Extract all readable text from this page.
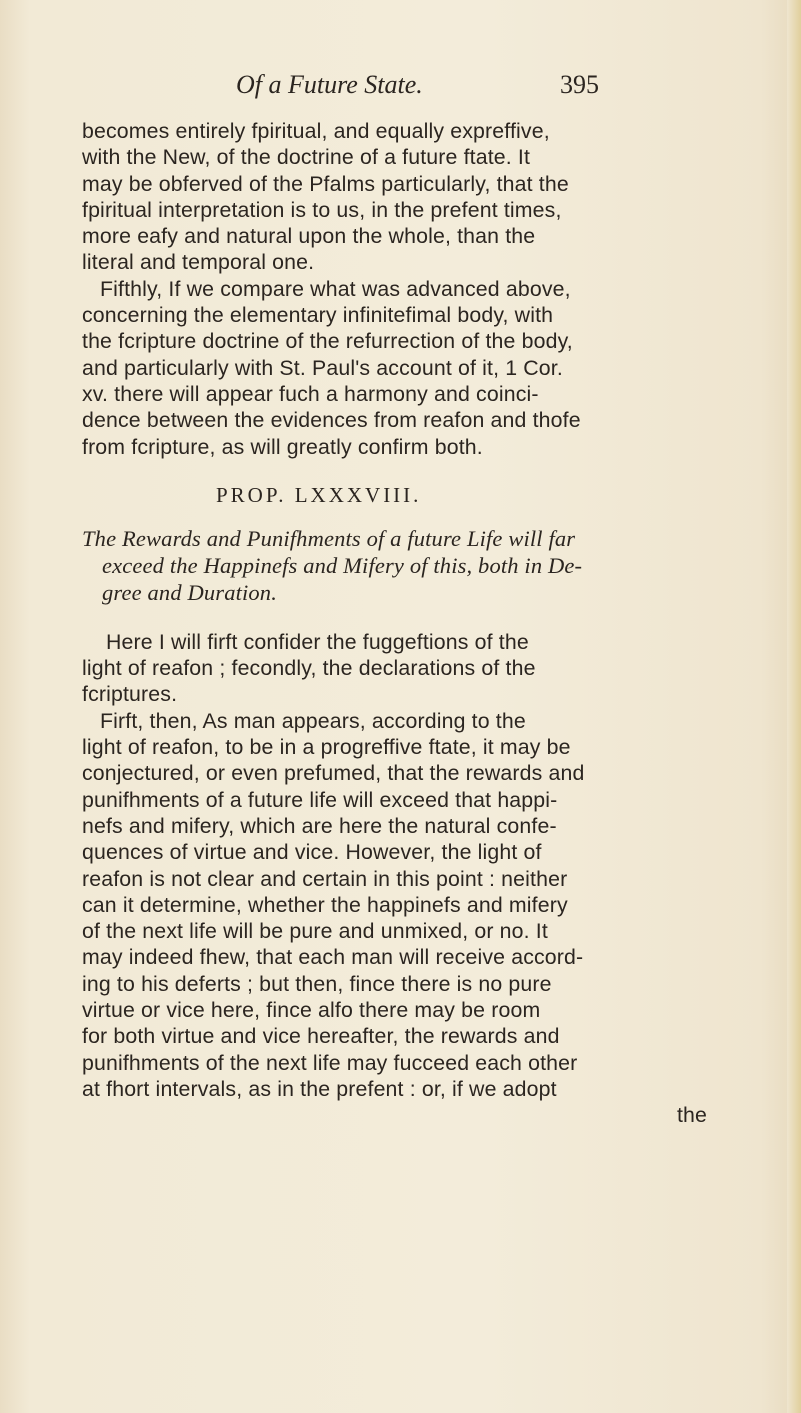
Of a Future State.	395
becomes entirely fpiritual, and equally expreffive,
with the New, of the doctrine of a future ftate. It
may be obferved of the Pfalms particularly, that the
fpiritual interpretation is to us, in the prefent times,
more eafy and natural upon the whole, than the
literal and temporal one.
Fifthly, If we compare what was advanced above,
concerning the elementary infinitefimal body, with
the fcripture doctrine of the refurrection of the body,
and particularly with St. Paul's account of it, 1 Cor.
xv. there will appear fuch a harmony and coinci-
dence between the evidences from reafon and thofe
from fcripture, as will greatly confirm both.
PROP. LXXXVIII.
The Rewards and Punifhments of a future Life will far
exceed the Happinefs and Mifery of this, both in De-
gree and Duration.
Here I will firft confider the fuggeftions of the
light of reafon ; fecondly, the declarations of the
fcriptures.
Firft, then, As man appears, according to the
light of reafon, to be in a progreffive ftate, it may be
conjectured, or even prefumed, that the rewards and
punifhments of a future life will exceed that happi-
nefs and mifery, which are here the natural confe-
quences of virtue and vice. However, the light of
reafon is not clear and certain in this point : neither
can it determine, whether the happinefs and mifery
of the next life will be pure and unmixed, or no. It
may indeed fhew, that each man will receive accord-
ing to his deferts ; but then, fince there is no pure
virtue or vice here, fince alfo there may be room
for both virtue and vice hereafter, the rewards and
punifhments of the next life may fucceed each other
at fhort intervals, as in the prefent : or, if we adopt
the
